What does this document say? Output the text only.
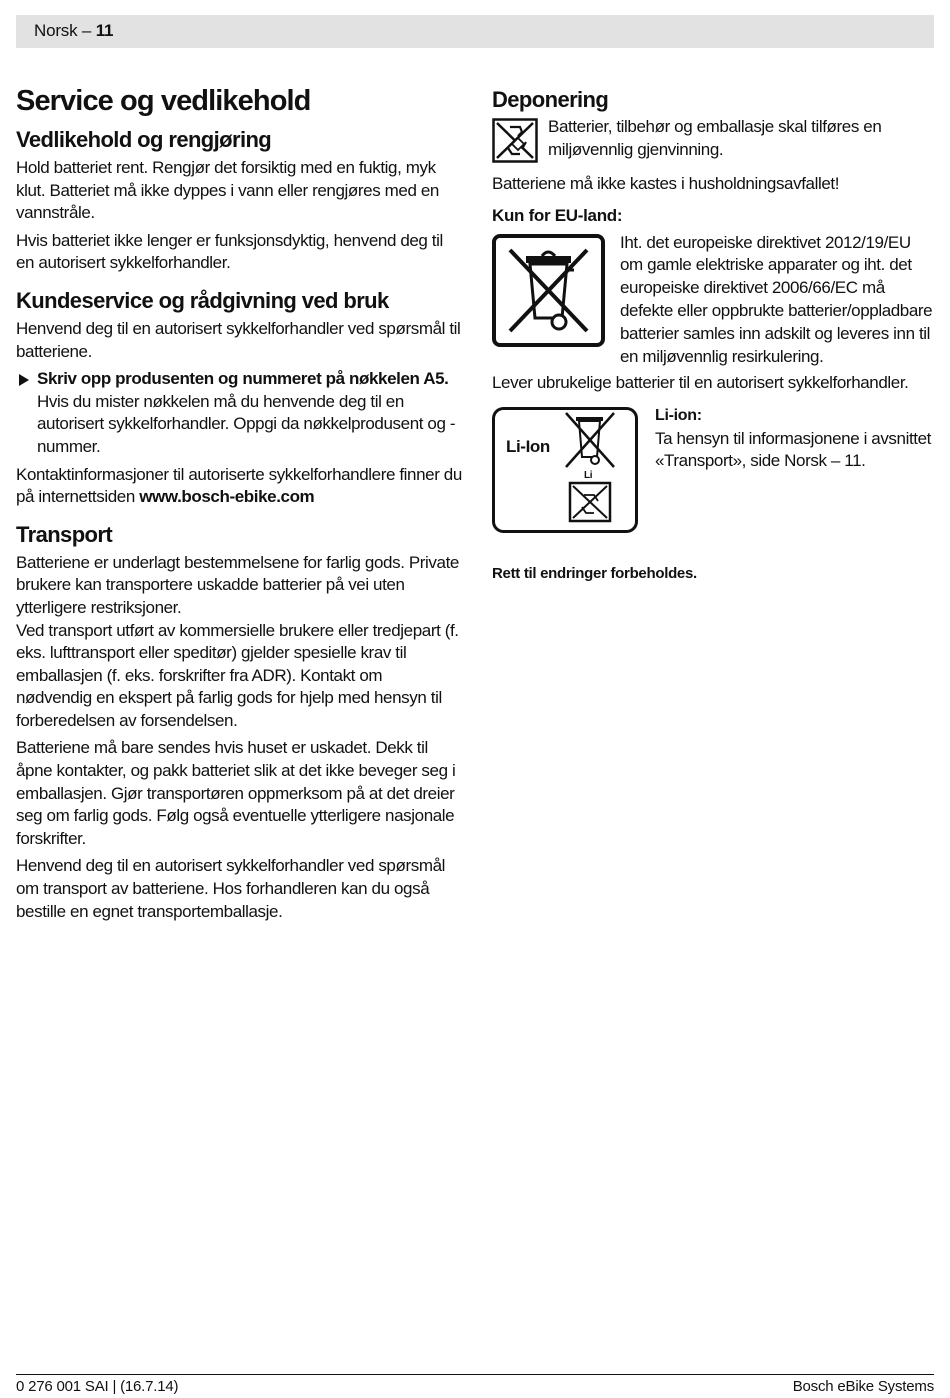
Norsk – 11
Service og vedlikehold
Vedlikehold og rengjøring

Hold batteriet rent. Rengjør det forsiktig med en fuktig, myk klut. Batteriet må ikke dyppes i vann eller rengjøres med en vannstråle.

Hvis batteriet ikke lenger er funksjonsdyktig, henvend deg til en autorisert sykkelforhandler.

Kundeservice og rådgivning ved bruk

Henvend deg til en autorisert sykkelforhandler ved spørsmål til batteriene.

Skriv opp produsenten og nummeret på nøkkelen A5.
Hvis du mister nøkkelen må du henvende deg til en autorisert sykkelforhandler. Oppgi da nøkkelprodusent og -nummer.

Kontaktinformasjoner til autoriserte sykkelforhandlere finner du på internettsiden www.bosch-ebike.com

Transport

Batteriene er underlagt bestemmelsene for farlig gods. Private brukere kan transportere uskadde batterier på vei uten ytterligere restriksjoner.
Ved transport utført av kommersielle brukere eller tredjepart (f. eks. lufttransport eller speditør) gjelder spesielle krav til emballasjen (f. eks. forskrifter fra ADR). Kontakt om nødvendig en ekspert på farlig gods for hjelp med hensyn til forberedelsen av forsendelsen.

Batteriene må bare sendes hvis huset er uskadet. Dekk til åpne kontakter, og pakk batteriet slik at det ikke beveger seg i emballasjen. Gjør transportøren oppmerksom på at det dreier seg om farlig gods. Følg også eventuelle ytterligere nasjonale forskrifter.

Henvend deg til en autorisert sykkelforhandler ved spørsmål om transport av batteriene. Hos forhandleren kan du også bestille en egnet transportemballasje.

Deponering
Batterier, tilbehør og emballasje skal tilføres en miljøvennlig gjenvinning.

Batteriene må ikke kastes i husholdningsavfallet!

Kun for EU-land:
Iht. det europeiske direktivet 2012/19/EU om gamle elektriske apparater og iht. det europeiske direktivet 2006/66/EC må defekte eller oppbrukte batterier/oppladbare batterier samles inn adskilt og leveres inn til en miljøvennlig resirkulering.

Lever ubrukelige batterier til en autorisert sykkelforhandler.

Li-Ion
Li
Li-ion:
Ta hensyn til informasjonene i avsnittet «Transport», side Norsk – 11.
Rett til endringer forbeholdes.
0 276 001 SAI | (16.7.14)	Bosch eBike Systems
